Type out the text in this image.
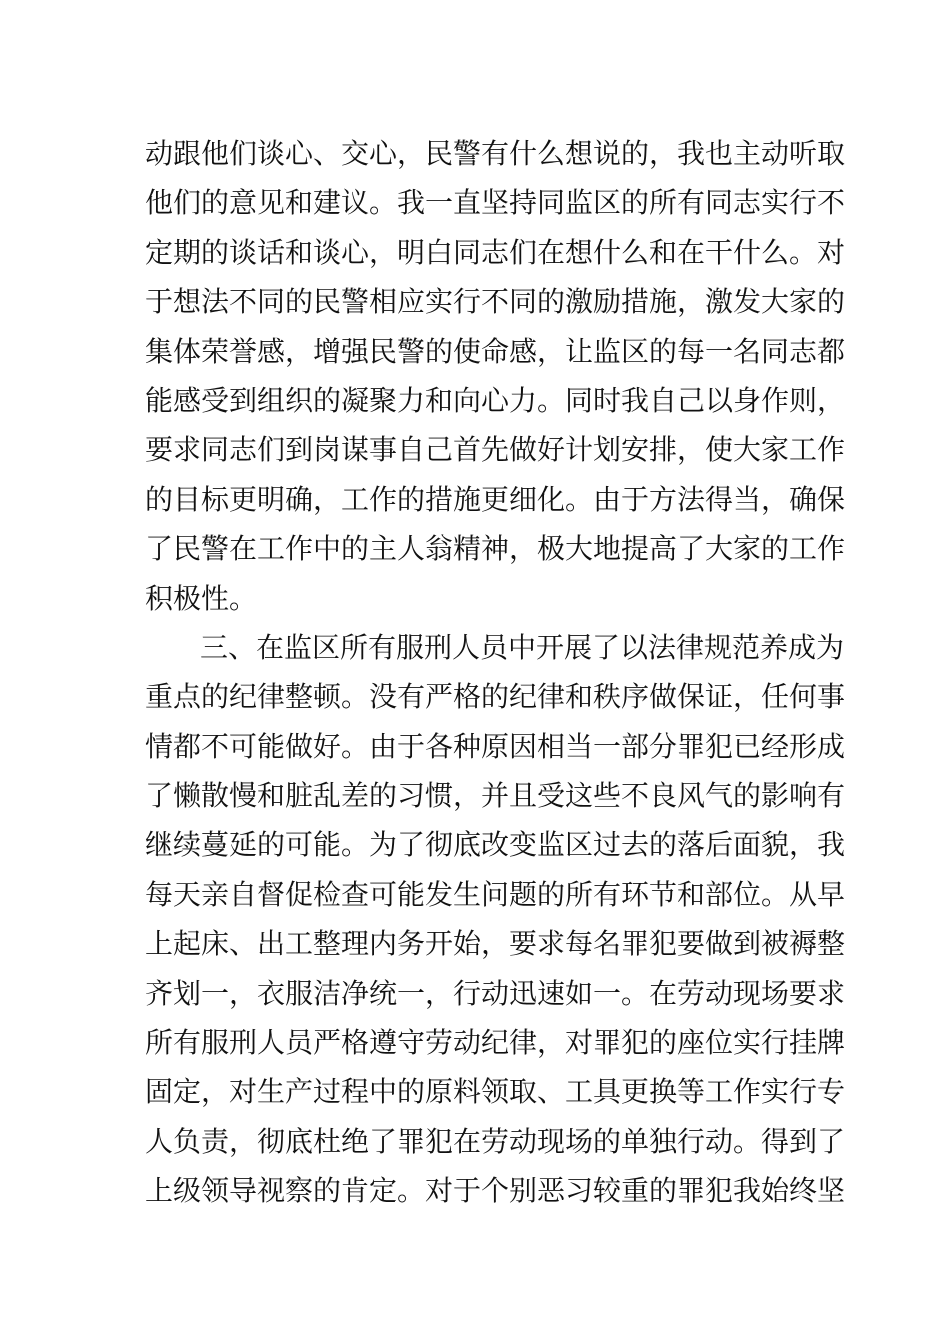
动跟他们谈心、交心，民警有什么想说的，我也主动听取
他们的意见和建议。我一直坚持同监区的所有同志实行不
定期的谈话和谈心，明白同志们在想什么和在干什么。对
于想法不同的民警相应实行不同的激励措施，激发大家的
集体荣誉感，增强民警的使命感，让监区的每一名同志都
能感受到组织的凝聚力和向心力。同时我自己以身作则，
要求同志们到岗谋事自己首先做好计划安排，使大家工作
的目标更明确，工作的措施更细化。由于方法得当，确保
了民警在工作中的主人翁精神，极大地提高了大家的工作
积极性。
三、在监区所有服刑人员中开展了以法律规范养成为
重点的纪律整顿。没有严格的纪律和秩序做保证，任何事
情都不可能做好。由于各种原因相当一部分罪犯已经形成
了懒散慢和脏乱差的习惯，并且受这些不良风气的影响有
继续蔓延的可能。为了彻底改变监区过去的落后面貌，我
每天亲自督促检查可能发生问题的所有环节和部位。从早
上起床、出工整理内务开始，要求每名罪犯要做到被褥整
齐划一，衣服洁净统一，行动迅速如一。在劳动现场要求
所有服刑人员严格遵守劳动纪律，对罪犯的座位实行挂牌
固定，对生产过程中的原料领取、工具更换等工作实行专
人负责，彻底杜绝了罪犯在劳动现场的单独行动。得到了
上级领导视察的肯定。对于个别恶习较重的罪犯我始终坚
